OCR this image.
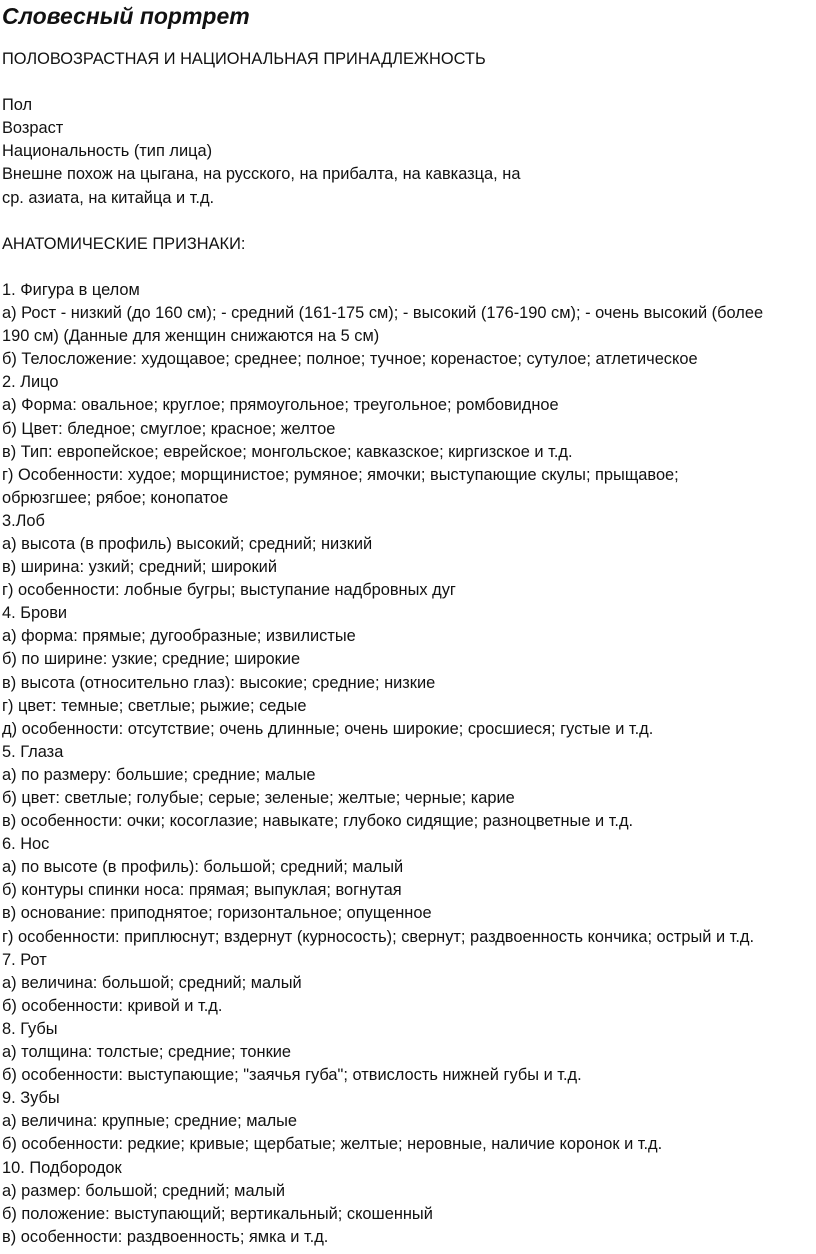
Словесный портрет
ПОЛОВОЗРАСТНАЯ И НАЦИОНАЛЬНАЯ ПРИНАДЛЕЖНОСТЬ
Пол
Возраст
Национальность (тип лица)
Внешне похож на цыгана, на русского, на прибалта, на кавказца, на
ср. азиата, на китайца и т.д.
АНАТОМИЧЕСКИЕ ПРИЗНАКИ:
1. Фигура в целом
а) Рост - низкий (до 160 см); - средний (161-175 см); - высокий (176-190 см); - очень высокий (более
190 см) (Данные для женщин снижаются на 5 см)
б) Телосложение: худощавое; среднее; полное; тучное; коренастое; сутулое; атлетическое
2. Лицо
а) Форма: овальное; круглое; прямоугольное; треугольное; ромбовидное
б) Цвет: бледное; смуглое; красное; желтое
в) Тип: европейское; еврейское; монгольское; кавказское; киргизское и т.д.
г) Особенности: худое; морщинистое; румяное; ямочки; выступающие скулы; прыщавое;
обрюзгшее; рябое; конопатое
3.Лоб
а) высота (в профиль) высокий; средний; низкий
в) ширина: узкий; средний; широкий
г) особенности: лобные бугры; выступание надбровных дуг
4. Брови
а) форма: прямые; дугообразные; извилистые
б) по ширине: узкие; средние; широкие
в) высота (относительно глаз): высокие; средние; низкие
г) цвет: темные; светлые; рыжие; седые
д) особенности: отсутствие; очень длинные; очень широкие; сросшиеся; густые и т.д.
5. Глаза
а) по размеру: большие; средние; малые
б) цвет: светлые; голубые; серые; зеленые; желтые; черные; карие
в) особенности: очки; косоглазие; навыкате; глубоко сидящие; разноцветные и т.д.
6. Нос
а) по высоте (в профиль): большой; средний; малый
б) контуры спинки носа: прямая; выпуклая; вогнутая
в) основание: приподнятое; горизонтальное; опущенное
г) особенности: приплюснут; вздернут (курносость); свернут; раздвоенность кончика; острый и т.д.
7. Рот
а) величина: большой; средний; малый
б) особенности: кривой и т.д.
8. Губы
а) толщина: толстые; средние; тонкие
б) особенности: выступающие; "заячья губа"; отвислость нижней губы и т.д.
9. Зубы
а) величина: крупные; средние; малые
б) особенности: редкие; кривые; щербатые; желтые; неровные, наличие коронок и т.д.
10. Подбородок
а) размер: большой; средний; малый
б) положение: выступающий; вертикальный; скошенный
в) особенности: раздвоенность; ямка и т.д.
